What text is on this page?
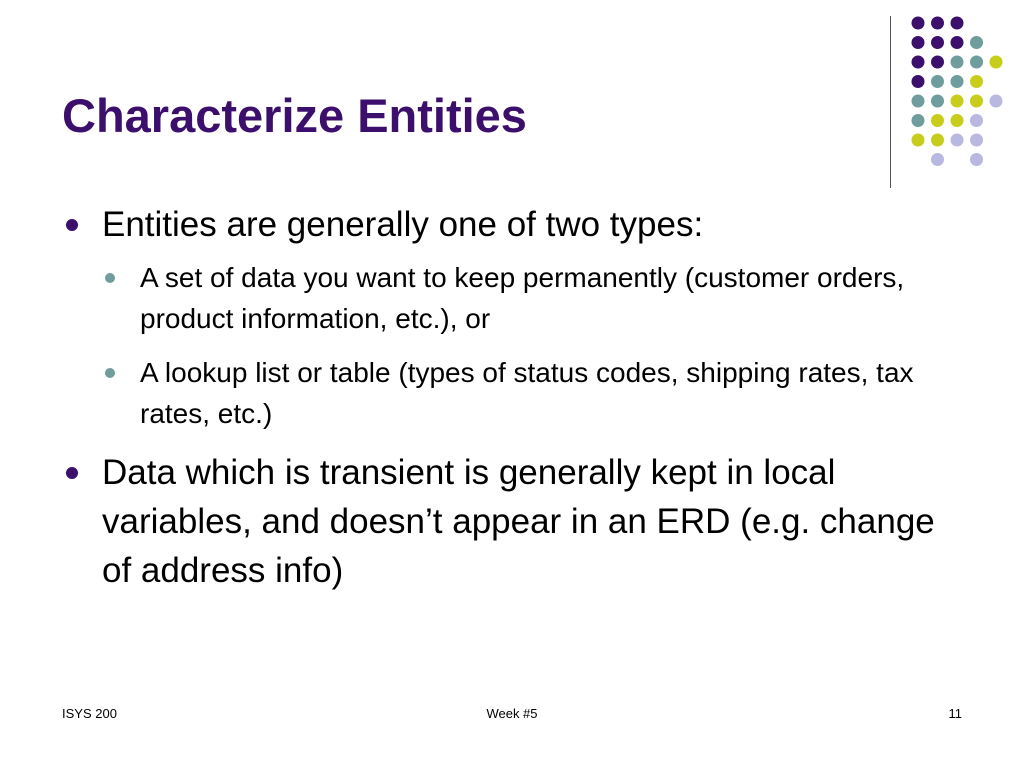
Characterize Entities
Entities are generally one of two types:
A set of data you want to keep permanently (customer orders, product information, etc.), or
A lookup list or table (types of status codes, shipping rates, tax rates, etc.)
Data which is transient is generally kept in local variables, and doesn’t appear in an ERD (e.g. change of address info)
ISYS 200	Week #5	11
